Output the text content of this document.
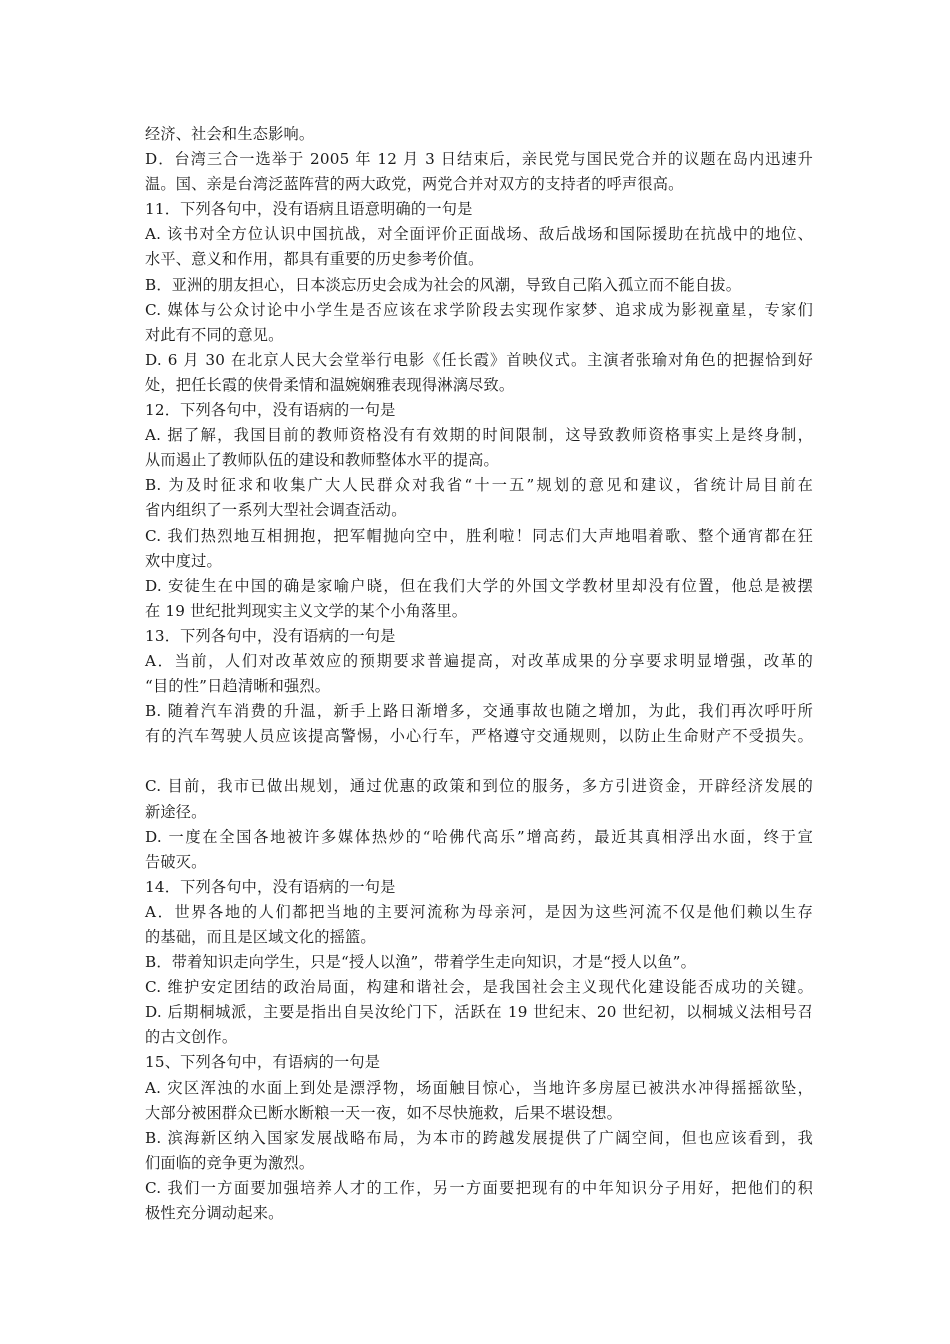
经济、社会和生态影响。
D．台湾三合一选举于 2005 年 12 月 3 日结束后，亲民党与国民党合并的议题在岛内迅速升
温。国、亲是台湾泛蓝阵营的两大政党，两党合并对双方的支持者的呼声很高。
11．下列各句中，没有语病且语意明确的一句是
A. 该书对全方位认识中国抗战，对全面评价正面战场、敌后战场和国际援助在抗战中的地位、
水平、意义和作用，都具有重要的历史参考价值。
B．亚洲的朋友担心，日本淡忘历史会成为社会的风潮，导致自己陷入孤立而不能自拔。
C. 媒体与公众讨论中小学生是否应该在求学阶段去实现作家梦、追求成为影视童星，专家们
对此有不同的意见。
D. 6 月 30 在北京人民大会堂举行电影《任长霞》首映仪式。主演者张瑜对角色的把握恰到好
处，把任长霞的侠骨柔情和温婉娴雅表现得淋漓尽致。
12．下列各句中，没有语病的一句是
A. 据了解，我国目前的教师资格没有有效期的时间限制，这导致教师资格事实上是终身制，
从而遏止了教师队伍的建设和教师整体水平的提高。
B. 为及时征求和收集广大人民群众对我省“十一五”规划的意见和建议，省统计局目前在
省内组织了一系列大型社会调查活动。
C. 我们热烈地互相拥抱，把军帽抛向空中，胜利啦！同志们大声地唱着歌、整个通宵都在狂
欢中度过。
D. 安徒生在中国的确是家喻户晓，但在我们大学的外国文学教材里却没有位置，他总是被摆
在 19 世纪批判现实主义文学的某个小角落里。
13．下列各句中，没有语病的一句是
A．当前，人们对改革效应的预期要求普遍提高，对改革成果的分享要求明显增强，改革的
“目的性”日趋清晰和强烈。
B. 随着汽车消费的升温，新手上路日渐增多，交通事故也随之增加，为此，我们再次呼吁所
有的汽车驾驶人员应该提高警惕，小心行车，严格遵守交通规则，以防止生命财产不受损失。
C. 目前，我市已做出规划，通过优惠的政策和到位的服务，多方引进资金，开辟经济发展的
新途径。
D. 一度在全国各地被许多媒体热炒的“哈佛代高乐”增高药，最近其真相浮出水面，终于宣
告破灭。
14．下列各句中，没有语病的一句是
A．世界各地的人们都把当地的主要河流称为母亲河，是因为这些河流不仅是他们赖以生存
的基础，而且是区域文化的摇篮。
B．带着知识走向学生，只是“授人以渔”，带着学生走向知识，才是“授人以鱼”。
C. 维护安定团结的政治局面，构建和谐社会，是我国社会主义现代化建设能否成功的关键。
D. 后期桐城派，主要是指出自吴汝纶门下，活跃在 19 世纪末、20 世纪初，以桐城义法相号召
的古文创作。
15、下列各句中，有语病的一句是
A. 灾区浑浊的水面上到处是漂浮物，场面触目惊心，当地许多房屋已被洪水冲得摇摇欲坠，
大部分被困群众已断水断粮一天一夜，如不尽快施救，后果不堪设想。
B. 滨海新区纳入国家发展战略布局，为本市的跨越发展提供了广阔空间，但也应该看到，我
们面临的竞争更为激烈。
C. 我们一方面要加强培养人才的工作，另一方面要把现有的中年知识分子用好，把他们的积
极性充分调动起来。
